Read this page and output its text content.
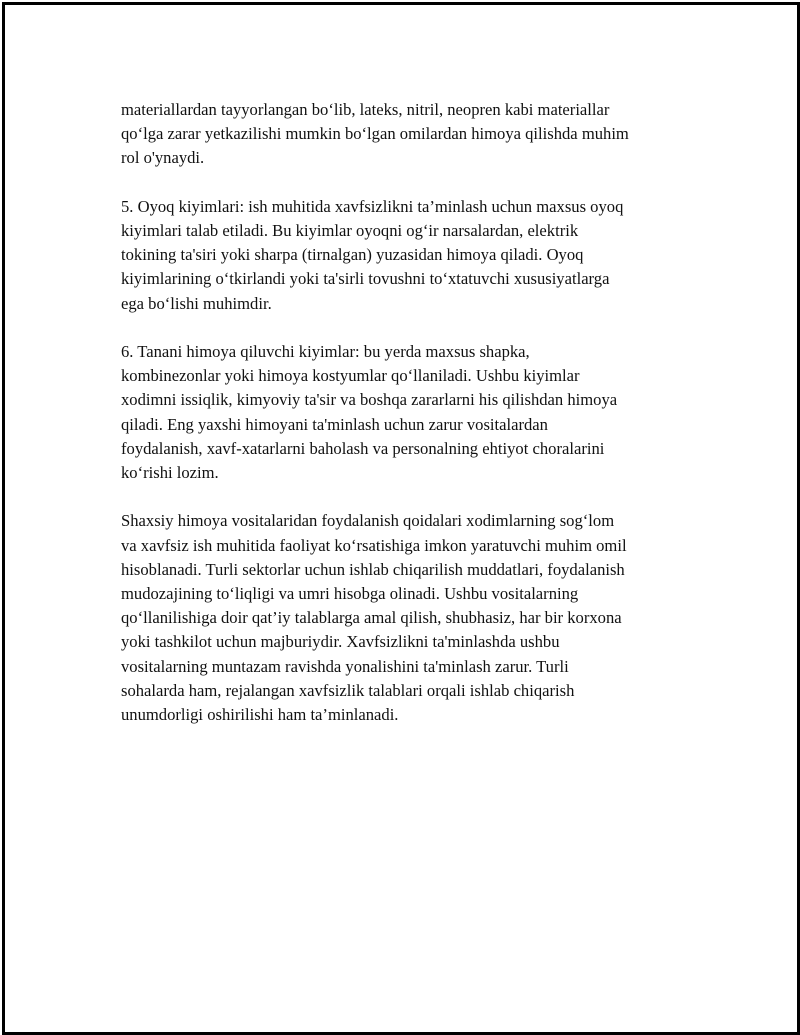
materiallardan tayyorlangan bo‘lib, lateks, nitril, neopren kabi materiallar
qo‘lga zarar yetkazilishi mumkin bo‘lgan omilardan himoya qilishda muhim
rol o'ynaydi.

5. Oyoq kiyimlari: ish muhitida xavfsizlikni ta’minlash uchun maxsus oyoq
kiyimlari talab etiladi. Bu kiyimlar oyoqni og‘ir narsalardan, elektrik
tokining ta'siri yoki sharpa (tirnalgan) yuzasidan himoya qiladi. Oyoq
kiyimlarining o‘tkirlandi yoki ta'sirli tovushni to‘xtatuvchi xususiyatlarga
ega bo‘lishi muhimdir.

6. Tanani himoya qiluvchi kiyimlar: bu yerda maxsus shapka,
kombinezonlar yoki himoya kostyumlar qo‘llaniladi. Ushbu kiyimlar
xodimni issiqlik, kimyoviy ta'sir va boshqa zararlarni his qilishdan himoya
qiladi. Eng yaxshi himoyani ta'minlash uchun zarur vositalardan
foydalanish, xavf-xatarlarni baholash va personalning ehtiyot choralarini
ko‘rishi lozim.

Shaxsiy himoya vositalaridan foydalanish qoidalari xodimlarning sog‘lom
va xavfsiz ish muhitida faoliyat ko‘rsatishiga imkon yaratuvchi muhim omil
hisoblanadi. Turli sektorlar uchun ishlab chiqarilish muddatlari, foydalanish
mudozajining to‘liqligi va umri hisobga olinadi. Ushbu vositalarning
qo‘llanilishiga doir qat’iy talablarga amal qilish, shubhasiz, har bir korxona
yoki tashkilot uchun majburiydir. Xavfsizlikni ta'minlashda ushbu
vositalarning muntazam ravishda yonalishini ta'minlash zarur. Turli
sohalarda ham, rejalangan xavfsizlik talablari orqali ishlab chiqarish
unumdorligi oshirilishi ham ta’minlanadi.
